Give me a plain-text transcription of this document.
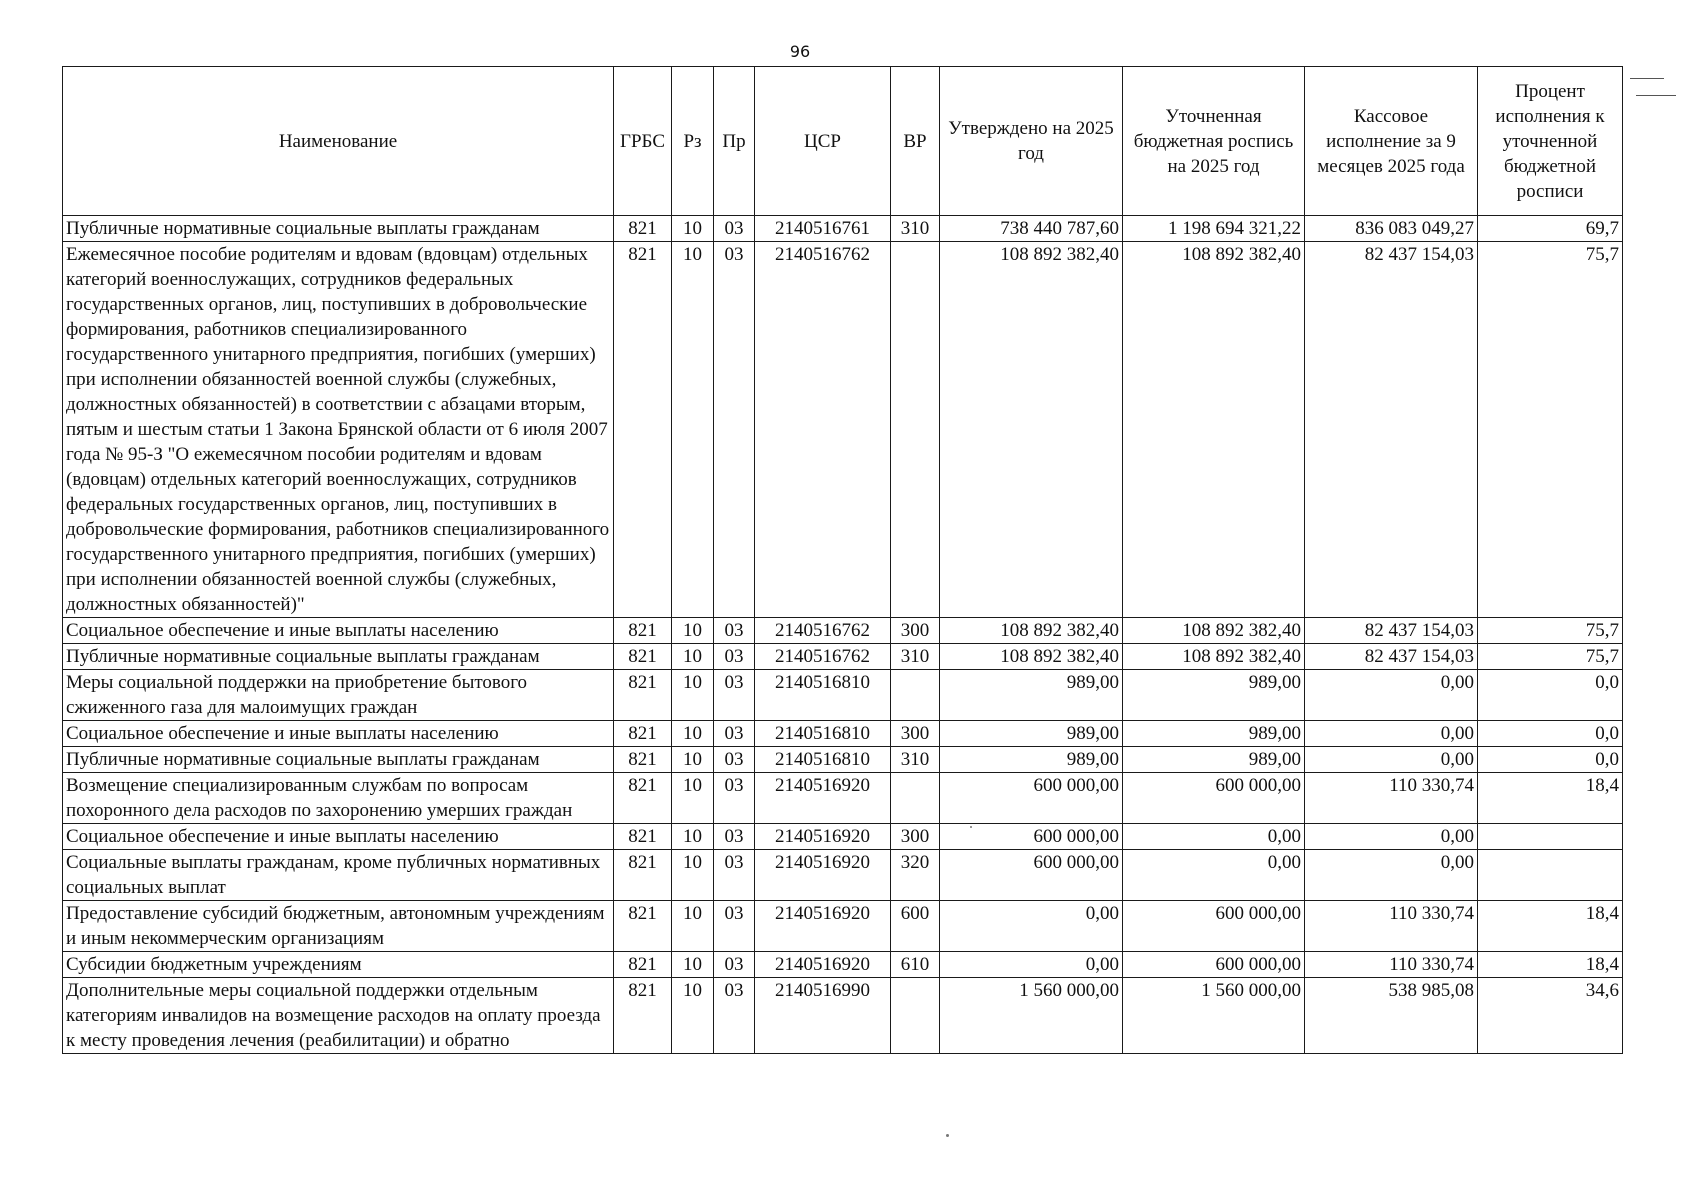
96
Наименование	ГРБС	Рз	Пр	ЦСР	ВР	Утверждено на 2025 год	Уточненная бюджетная роспись на 2025 год	Кассовое исполнение за 9 месяцев 2025 года	Процент исполнения к уточненной бюджетной росписи
Публичные нормативные социальные выплаты гражданам	821	10	03	2140516761	310	738 440 787,60	1 198 694 321,22	836 083 049,27	69,7
Ежемесячное пособие родителям и вдовам (вдовцам) отдельных категорий военнослужащих, сотрудников федеральных государственных органов, лиц, поступивших в добровольческие формирования, работников специализированного государственного унитарного предприятия, погибших (умерших) при исполнении обязанностей военной службы (служебных, должностных обязанностей) в соответствии с абзацами вторым, пятым и шестым статьи 1 Закона Брянской области от 6 июля 2007 года № 95-З "О ежемесячном пособии родителям и вдовам (вдовцам) отдельных категорий военнослужащих, сотрудников федеральных государственных органов, лиц, поступивших в добровольческие формирования, работников специализированного государственного унитарного предприятия, погибших (умерших) при исполнении обязанностей военной службы (служебных, должностных обязанностей)"	821	10	03	2140516762		108 892 382,40	108 892 382,40	82 437 154,03	75,7
Социальное обеспечение и иные выплаты населению	821	10	03	2140516762	300	108 892 382,40	108 892 382,40	82 437 154,03	75,7
Публичные нормативные социальные выплаты гражданам	821	10	03	2140516762	310	108 892 382,40	108 892 382,40	82 437 154,03	75,7
Меры социальной поддержки на приобретение бытового сжиженного газа для малоимущих граждан	821	10	03	2140516810		989,00	989,00	0,00	0,0
Социальное обеспечение и иные выплаты населению	821	10	03	2140516810	300	989,00	989,00	0,00	0,0
Публичные нормативные социальные выплаты гражданам	821	10	03	2140516810	310	989,00	989,00	0,00	0,0
Возмещение специализированным службам по вопросам похоронного дела расходов по захоронению умерших граждан	821	10	03	2140516920		600 000,00	600 000,00	110 330,74	18,4
Социальное обеспечение и иные выплаты населению	821	10	03	2140516920	300	600 000,00	0,00	0,00	
Социальные выплаты гражданам, кроме публичных нормативных социальных выплат	821	10	03	2140516920	320	600 000,00	0,00	0,00	
Предоставление субсидий бюджетным, автономным учреждениям и иным некоммерческим организациям	821	10	03	2140516920	600	0,00	600 000,00	110 330,74	18,4
Субсидии бюджетным учреждениям	821	10	03	2140516920	610	0,00	600 000,00	110 330,74	18,4
Дополнительные меры социальной поддержки отдельным категориям инвалидов на возмещение расходов на оплату проезда к месту проведения лечения (реабилитации) и обратно	821	10	03	2140516990		1 560 000,00	1 560 000,00	538 985,08	34,6
